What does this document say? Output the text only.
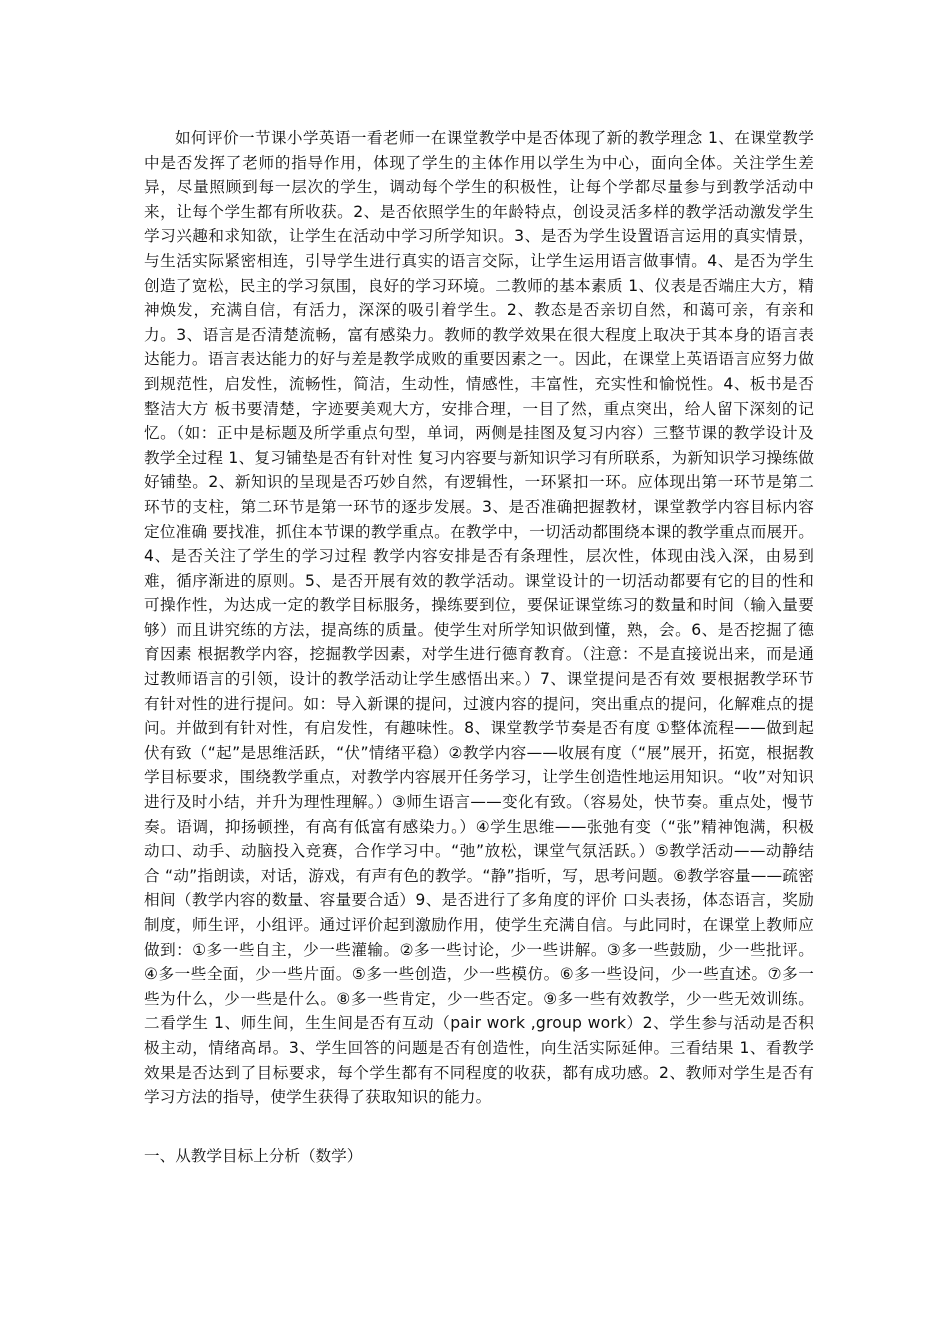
如何评价一节课小学英语一看老师一在课堂教学中是否体现了新的教学理念 1、在课堂教学中是否发挥了老师的指导作用，体现了学生的主体作用以学生为中心，面向全体。关注学生差异，尽量照顾到每一层次的学生，调动每个学生的积极性，让每个学都尽量参与到教学活动中来，让每个学生都有所收获。2、是否依照学生的年龄特点，创设灵活多样的教学活动激发学生学习兴趣和求知欲，让学生在活动中学习所学知识。3、是否为学生设置语言运用的真实情景，与生活实际紧密相连，引导学生进行真实的语言交际，让学生运用语言做事情。4、是否为学生创造了宽松，民主的学习氛围，良好的学习环境。二教师的基本素质 1、仪表是否端庄大方，精神焕发，充满自信，有活力，深深的吸引着学生。2、教态是否亲切自然，和蔼可亲，有亲和力。3、语言是否清楚流畅，富有感染力。教师的教学效果在很大程度上取决于其本身的语言表达能力。语言表达能力的好与差是教学成败的重要因素之一。因此，在课堂上英语语言应努力做到规范性，启发性，流畅性，简洁，生动性，情感性，丰富性，充实性和愉悦性。4、板书是否整洁大方 板书要清楚，字迹要美观大方，安排合理，一目了然，重点突出，给人留下深刻的记忆。（如：正中是标题及所学重点句型，单词，两侧是挂图及复习内容）三整节课的教学设计及教学全过程 1、复习铺垫是否有针对性 复习内容要与新知识学习有所联系，为新知识学习操练做好铺垫。2、新知识的呈现是否巧妙自然，有逻辑性，一环紧扣一环。应体现出第一环节是第二环节的支柱，第二环节是第一环节的逐步发展。3、是否准确把握教材，课堂教学内容目标内容定位准确 要找准，抓住本节课的教学重点。在教学中，一切活动都围绕本课的教学重点而展开。4、是否关注了学生的学习过程 教学内容安排是否有条理性，层次性，体现由浅入深，由易到难，循序渐进的原则。5、是否开展有效的教学活动。课堂设计的一切活动都要有它的目的性和可操作性，为达成一定的教学目标服务，操练要到位，要保证课堂练习的数量和时间（输入量要够）而且讲究练的方法，提高练的质量。使学生对所学知识做到懂，熟，会。6、是否挖掘了德育因素 根据教学内容，挖掘教学因素，对学生进行德育教育。（注意：不是直接说出来，而是通过教师语言的引领，设计的教学活动让学生感悟出来。）7、课堂提问是否有效 要根据教学环节有针对性的进行提问。如：导入新课的提问，过渡内容的提问，突出重点的提问，化解难点的提问。并做到有针对性，有启发性，有趣味性。8、课堂教学节奏是否有度 ①整体流程——做到起伏有致（“起”是思维活跃，“伏”情绪平稳）②教学内容——收展有度（“展”展开，拓宽，根据教学目标要求，围绕教学重点，对教学内容展开任务学习，让学生创造性地运用知识。“收”对知识进行及时小结，并升为理性理解。）③师生语言——变化有致。（容易处，快节奏。重点处，慢节奏。语调，抑扬顿挫，有高有低富有感染力。）④学生思维——张弛有变（“张”精神饱满，积极动口、动手、动脑投入竞赛，合作学习中。“弛”放松，课堂气氛活跃。）⑤教学活动——动静结合 “动”指朗读，对话，游戏，有声有色的教学。“静”指听，写，思考问题。⑥教学容量——疏密相间（教学内容的数量、容量要合适）9、是否进行了多角度的评价 口头表扬，体态语言，奖励制度，师生评，小组评。通过评价起到激励作用，使学生充满自信。与此同时，在课堂上教师应做到：①多一些自主，少一些灌输。②多一些讨论，少一些讲解。③多一些鼓励，少一些批评。④多一些全面，少一些片面。⑤多一些创造，少一些模仿。⑥多一些设问，少一些直述。⑦多一些为什么，少一些是什么。⑧多一些肯定，少一些否定。⑨多一些有效教学，少一些无效训练。二看学生 1、师生间，生生间是否有互动（pair work ,group work）2、学生参与活动是否积极主动，情绪高昂。3、学生回答的问题是否有创造性，向生活实际延伸。三看结果 1、看教学效果是否达到了目标要求，每个学生都有不同程度的收获，都有成功感。2、教师对学生是否有学习方法的指导，使学生获得了获取知识的能力。

一、从教学目标上分析（数学）
